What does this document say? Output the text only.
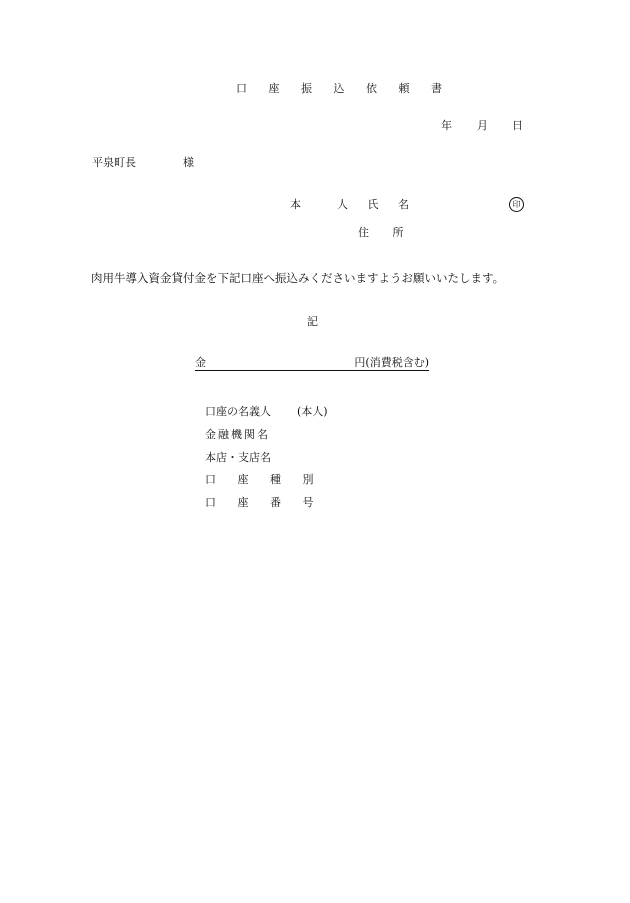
口 座 振 込 依 頼 書
年 月 日
平泉町長	様
本	人 氏 名	印
住 所
肉用牛導入資金貸付金を下記口座へ振込みくださいますようお願いいたします。
記
金	円(消費税含む)
口座の名義人 (本人)
金融機関名
本店・支店名
口 座 種 別
口 座 番 号
